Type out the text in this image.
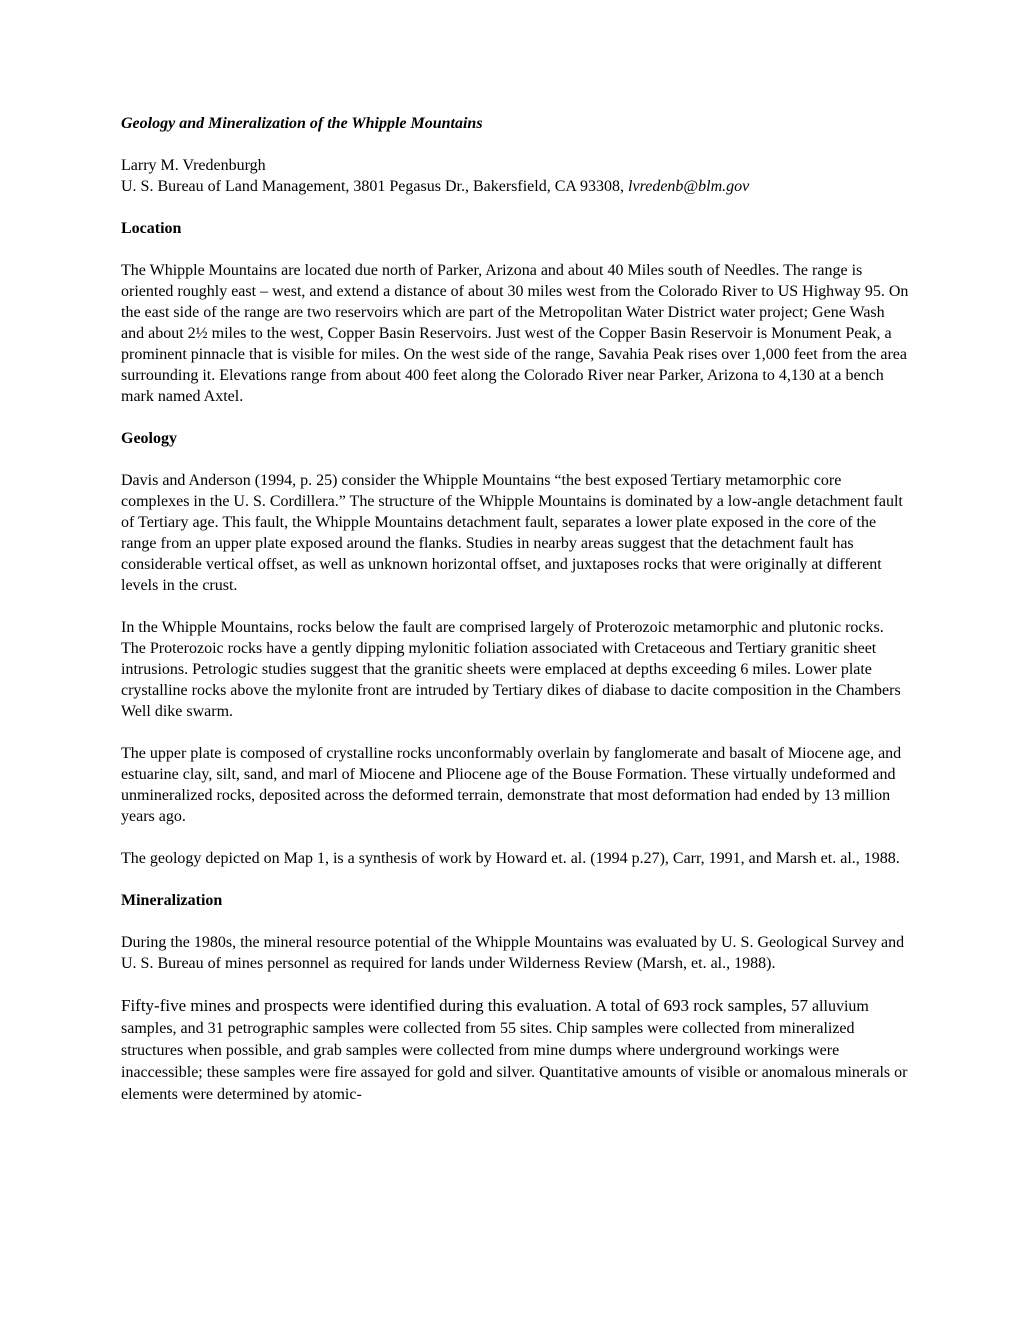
Geology and Mineralization of the Whipple Mountains
Larry M. Vredenburgh
U. S. Bureau of Land Management, 3801 Pegasus Dr., Bakersfield, CA 93308, lvredenb@blm.gov
Location

The Whipple Mountains are located due north of Parker, Arizona and about 40 Miles south of Needles. The range is oriented roughly east – west, and extend a distance of about 30 miles west from the Colorado River to US Highway 95. On the east side of the range are two reservoirs which are part of the Metropolitan Water District water project; Gene Wash and about 2½ miles to the west, Copper Basin Reservoirs. Just west of the Copper Basin Reservoir is Monument Peak, a prominent pinnacle that is visible for miles. On the west side of the range, Savahia Peak rises over 1,000 feet from the area surrounding it. Elevations range from about 400 feet along the Colorado River near Parker, Arizona to 4,130 at a bench mark named Axtel.

Geology

Davis and Anderson (1994, p. 25) consider the Whipple Mountains “the best exposed Tertiary metamorphic core complexes in the U. S. Cordillera.” The structure of the Whipple Mountains is dominated by a low-angle detachment fault of Tertiary age. This fault, the Whipple Mountains detachment fault, separates a lower plate exposed in the core of the range from an upper plate exposed around the flanks. Studies in nearby areas suggest that the detachment fault has considerable vertical offset, as well as unknown horizontal offset, and juxtaposes rocks that were originally at different levels in the crust.

In the Whipple Mountains, rocks below the fault are comprised largely of Proterozoic metamorphic and plutonic rocks. The Proterozoic rocks have a gently dipping mylonitic foliation associated with Cretaceous and Tertiary granitic sheet intrusions. Petrologic studies suggest that the granitic sheets were emplaced at depths exceeding 6 miles. Lower plate crystalline rocks above the mylonite front are intruded by Tertiary dikes of diabase to dacite composition in the Chambers Well dike swarm.

The upper plate is composed of crystalline rocks unconformably overlain by fanglomerate and basalt of Miocene age, and estuarine clay, silt, sand, and marl of Miocene and Pliocene age of the Bouse Formation. These virtually undeformed and unmineralized rocks, deposited across the deformed terrain, demonstrate that most deformation had ended by 13 million years ago.

The geology depicted on Map 1, is a synthesis of work by Howard et. al. (1994 p.27), Carr, 1991, and Marsh et. al., 1988.

Mineralization

During the 1980s, the mineral resource potential of the Whipple Mountains was evaluated by U. S. Geological Survey and U. S. Bureau of mines personnel as required for lands under Wilderness Review (Marsh, et. al., 1988).

Fifty-five mines and prospects were identified during this evaluation. A total of 693 rock samples, 57 alluvium samples, and 31 petrographic samples were collected from 55 sites. Chip samples were collected from mineralized structures when possible, and grab samples were collected from mine dumps where underground workings were inaccessible; these samples were fire assayed for gold and silver. Quantitative amounts of visible or anomalous minerals or elements were determined by atomic-
